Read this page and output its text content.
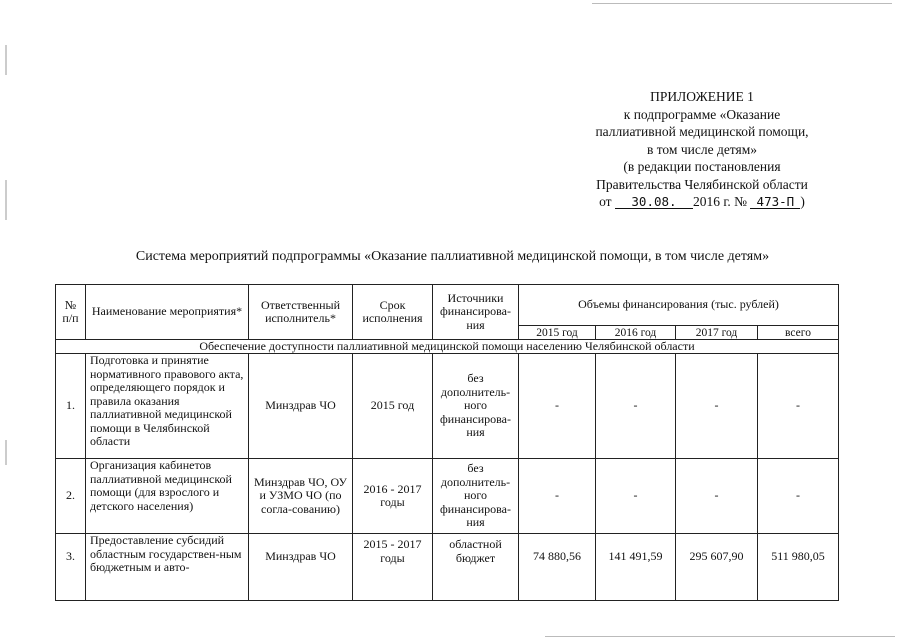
ПРИЛОЖЕНИЕ 1
к подпрограмме «Оказание
паллиативной медицинской помощи,
в том числе детям»
(в редакции постановления
Правительства Челябинской области
от 30.08. 2016 г. № 473-П )
Система мероприятий подпрограммы «Оказание паллиативной медицинской помощи, в том числе детям»
№ п/п	Наименование мероприятия*	Ответственный исполнитель*	Срок исполнения	Источники финансирова-ния	Объемы финансирования (тыс. рублей)			
					2015 год	2016 год	2017 год	всего
Обеспечение доступности паллиативной медицинской помощи населению Челябинской области								
1.	Подготовка и принятие нормативного правового акта, определяющего порядок и правила оказания паллиативной медицинской помощи в Челябинской области	Минздрав ЧО	2015 год	без дополнитель-ного финансирова-ния	-	-	-	-
2.	Организация кабинетов паллиативной медицинской помощи (для взрослого и детского населения)	Минздрав ЧО, ОУ и УЗМО ЧО (по согла-сованию)	2016 - 2017 годы	без дополнитель-ного финансирова-ния	-	-	-	-
3.	Предоставление субсидий областным государствен-ным бюджетным и авто-	Минздрав ЧО	2015 - 2017 годы	областной бюджет	74 880,56	141 491,59	295 607,90	511 980,05
